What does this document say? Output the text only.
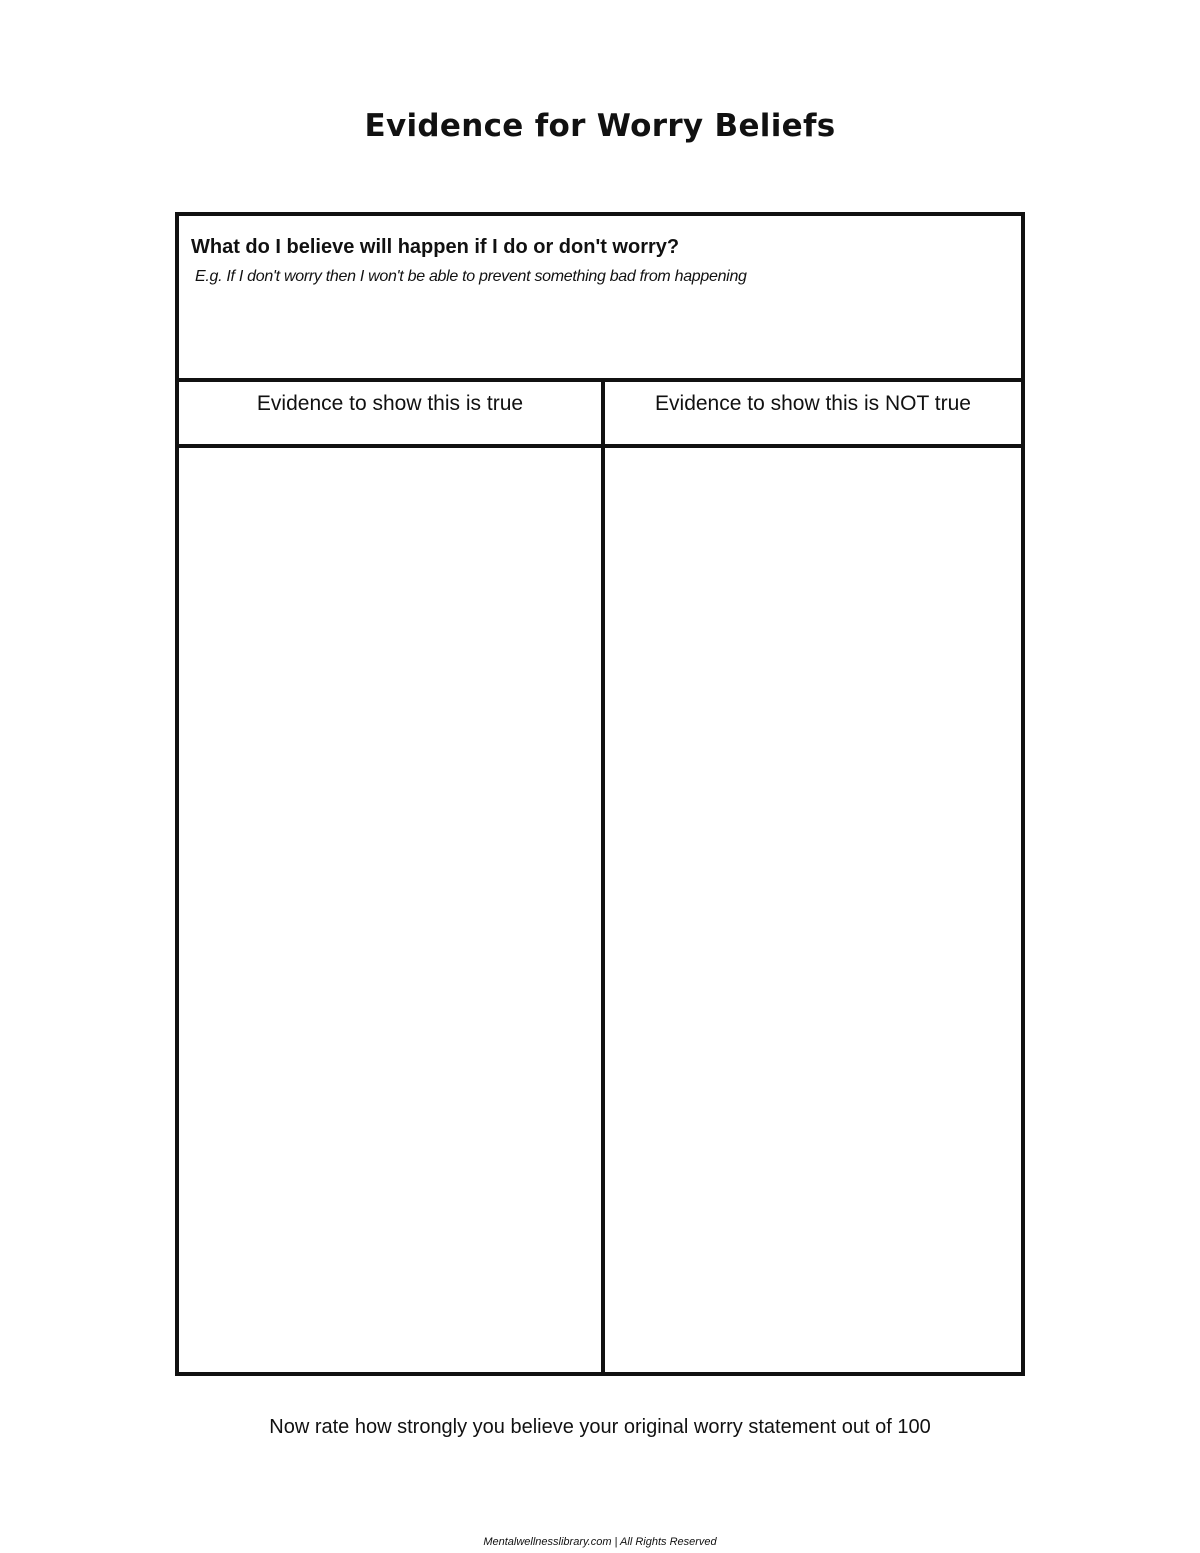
Evidence for Worry Beliefs

What do I believe will happen if I do or don't worry?

E.g. If I don't worry then I won't be able to prevent something bad from happening

Evidence to show this is true	Evidence to show this is NOT true

Now rate how strongly you believe your original worry statement out of 100

Mentalwellnesslibrary.com | All Rights Reserved
